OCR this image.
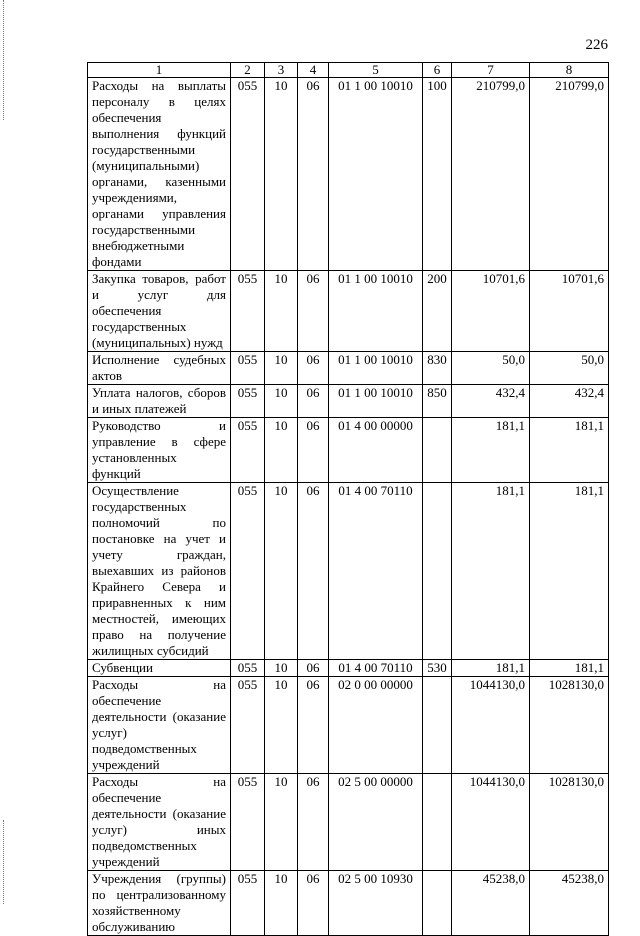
226
1	2	3	4	5	6	7	8
Расходы на выплаты персоналу в целях обеспечения выполнения функций государственными (муниципальными) органами, казенными учреждениями, органами управления государственными внебюджетными фондами	055	10	06	01 1 00 10010	100	210799,0	210799,0
Закупка товаров, работ и услуг для обеспечения государственных (муниципальных) нужд	055	10	06	01 1 00 10010	200	10701,6	10701,6
Исполнение судебных актов	055	10	06	01 1 00 10010	830	50,0	50,0
Уплата налогов, сборов и иных платежей	055	10	06	01 1 00 10010	850	432,4	432,4
Руководство и управление в сфере установленных функций	055	10	06	01 4 00 00000		181,1	181,1
Осуществление государственных полномочий по постановке на учет и учету граждан, выехавших из районов Крайнего Севера и приравненных к ним местностей, имеющих право на получение жилищных субсидий	055	10	06	01 4 00 70110		181,1	181,1
Субвенции	055	10	06	01 4 00 70110	530	181,1	181,1
Расходы на обеспечение деятельности (оказание услуг) подведомственных учреждений	055	10	06	02 0 00 00000		1044130,0	1028130,0
Расходы на обеспечение деятельности (оказание услуг) иных подведомственных учреждений	055	10	06	02 5 00 00000		1044130,0	1028130,0
Учреждения (группы) по централизованному хозяйственному обслуживанию	055	10	06	02 5 00 10930		45238,0	45238,0
